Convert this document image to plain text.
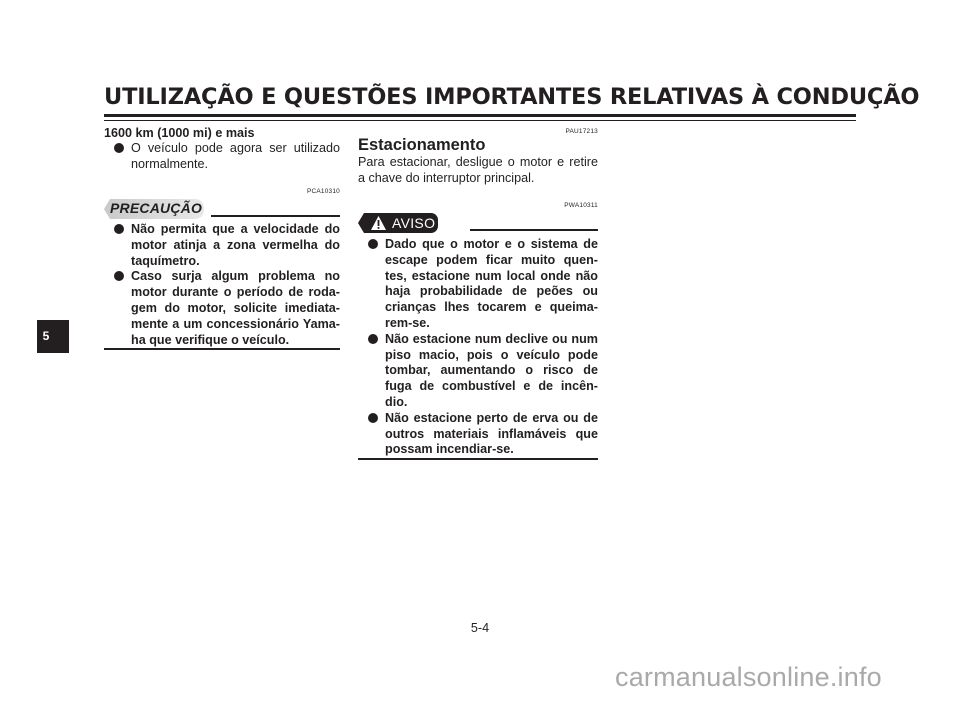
UTILIZAÇÃO E QUESTÕES IMPORTANTES RELATIVAS À CONDUÇÃO
5
1600 km (1000 mi) e mais
O veículo pode agora ser utilizado normalmente.
PCA10310
PRECAUÇÃO
Não permita que a velocidade do motor atinja a zona vermelha do taquímetro.
Caso surja algum problema no motor durante o período de roda-gem do motor, solicite imediata-mente a um concessionário Yama-ha que verifique o veículo.
PAU17213
Estacionamento
Para estacionar, desligue o motor e retire a chave do interruptor principal.
PWA10311
AVISO
Dado que o motor e o sistema de escape podem ficar muito quen-tes, estacione num local onde não haja probabilidade de peões ou crianças lhes tocarem e queima-rem-se.
Não estacione num declive ou num piso macio, pois o veículo pode tombar, aumentando o risco de fuga de combustível e de incên-dio.
Não estacione perto de erva ou de outros materiais inflamáveis que possam incendiar-se.
5-4
carmanualsonline.info
